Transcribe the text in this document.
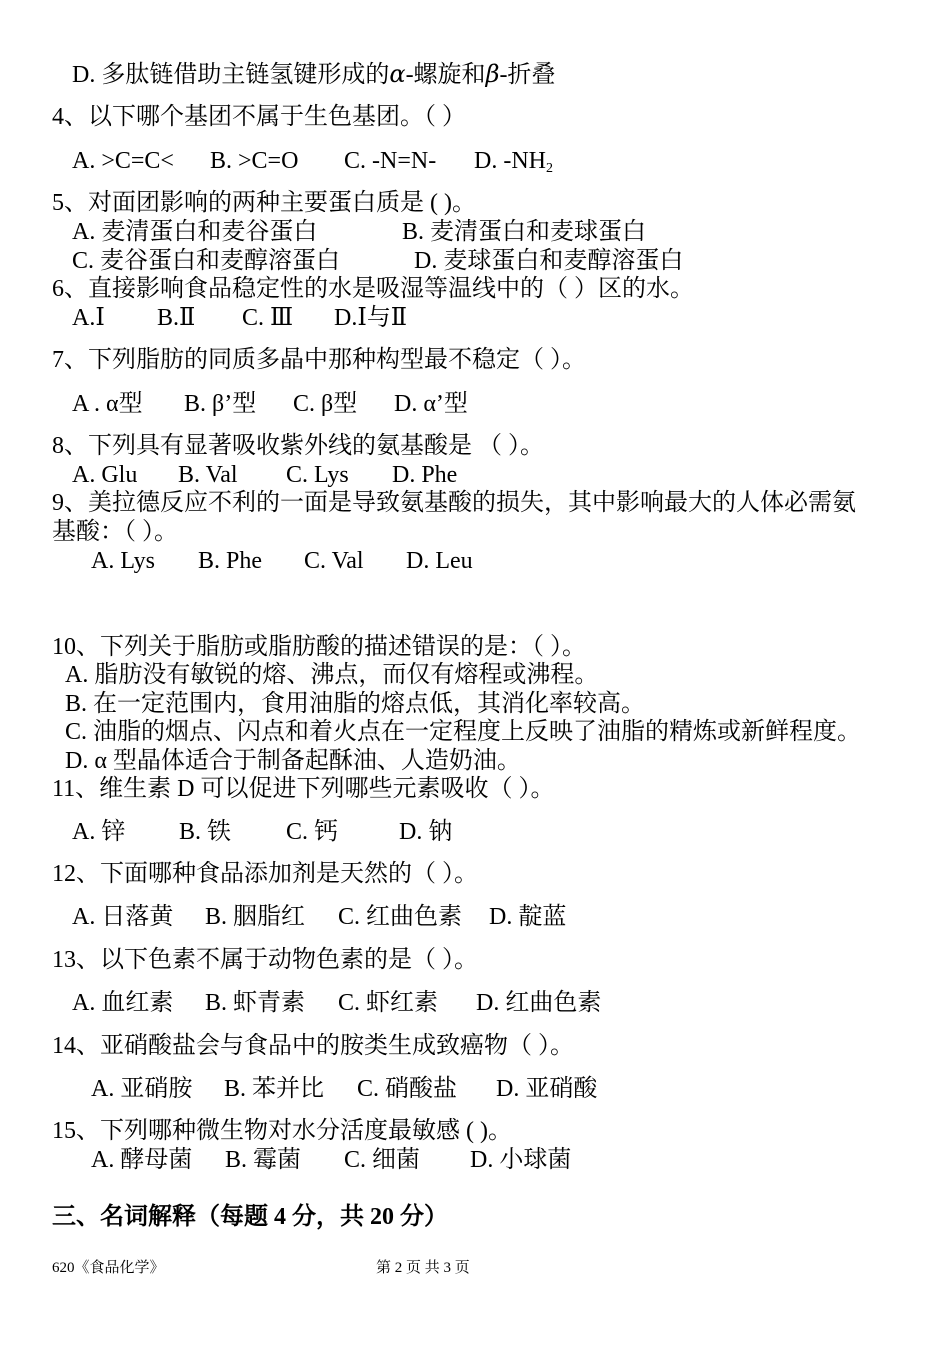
D. 多肽链借助主链氢键形成的α-螺旋和β-折叠
4、以下哪个基团不属于生色基团。（ ）
A. >C=C< B. >C=O C. -N=N- D. $-NH_2$
5、对面团影响的两种主要蛋白质是 ( )。
A. 麦清蛋白和麦谷蛋白	B. 麦清蛋白和麦球蛋白
C. 麦谷蛋白和麦醇溶蛋白	D. 麦球蛋白和麦醇溶蛋白
6、直接影响食品稳定性的水是吸湿等温线中的（ ）区的水。
A.Ⅰ B.Ⅱ C. Ⅲ D.Ⅰ与Ⅱ
7、下列脂肪的同质多晶中那种构型最不稳定（ ）。
A . α型 B. β’型 C. β型 D. α’型
8、下列具有显著吸收紫外线的氨基酸是 （ ）。
A. Glu B. Val C. Lys D. Phe
9、美拉德反应不利的一面是导致氨基酸的损失，其中影响最大的人体必需氨
基酸：（ ）。
A. Lys B. Phe C. Val D. Leu
10、下列关于脂肪或脂肪酸的描述错误的是：（ ）。
A. 脂肪没有敏锐的熔、沸点，而仅有熔程或沸程。
B. 在一定范围内，食用油脂的熔点低，其消化率较高。
C. 油脂的烟点、闪点和着火点在一定程度上反映了油脂的精炼或新鲜程度。
D. α 型晶体适合于制备起酥油、人造奶油。
11、维生素 D 可以促进下列哪些元素吸收（ ）。
A. 锌 B. 铁 C. 钙	D. 钠
12、下面哪种食品添加剂是天然的（ ）。
A. 日落黄 B. 胭脂红 C. 红曲色素 D. 靛蓝
13、以下色素不属于动物色素的是（ ）。
A. 血红素 B. 虾青素 C. 虾红素 D. 红曲色素
14、亚硝酸盐会与食品中的胺类生成致癌物（ ）。
A. 亚硝胺 B. 苯并比 C. 硝酸盐 D. 亚硝酸
15、下列哪种微生物对水分活度最敏感 ( )。
A. 酵母菌 B. 霉菌 C. 细菌 D. 小球菌
三、名词解释（每题 4 分，共 20 分）
620《食品化学》	第 2 页 共 3 页
